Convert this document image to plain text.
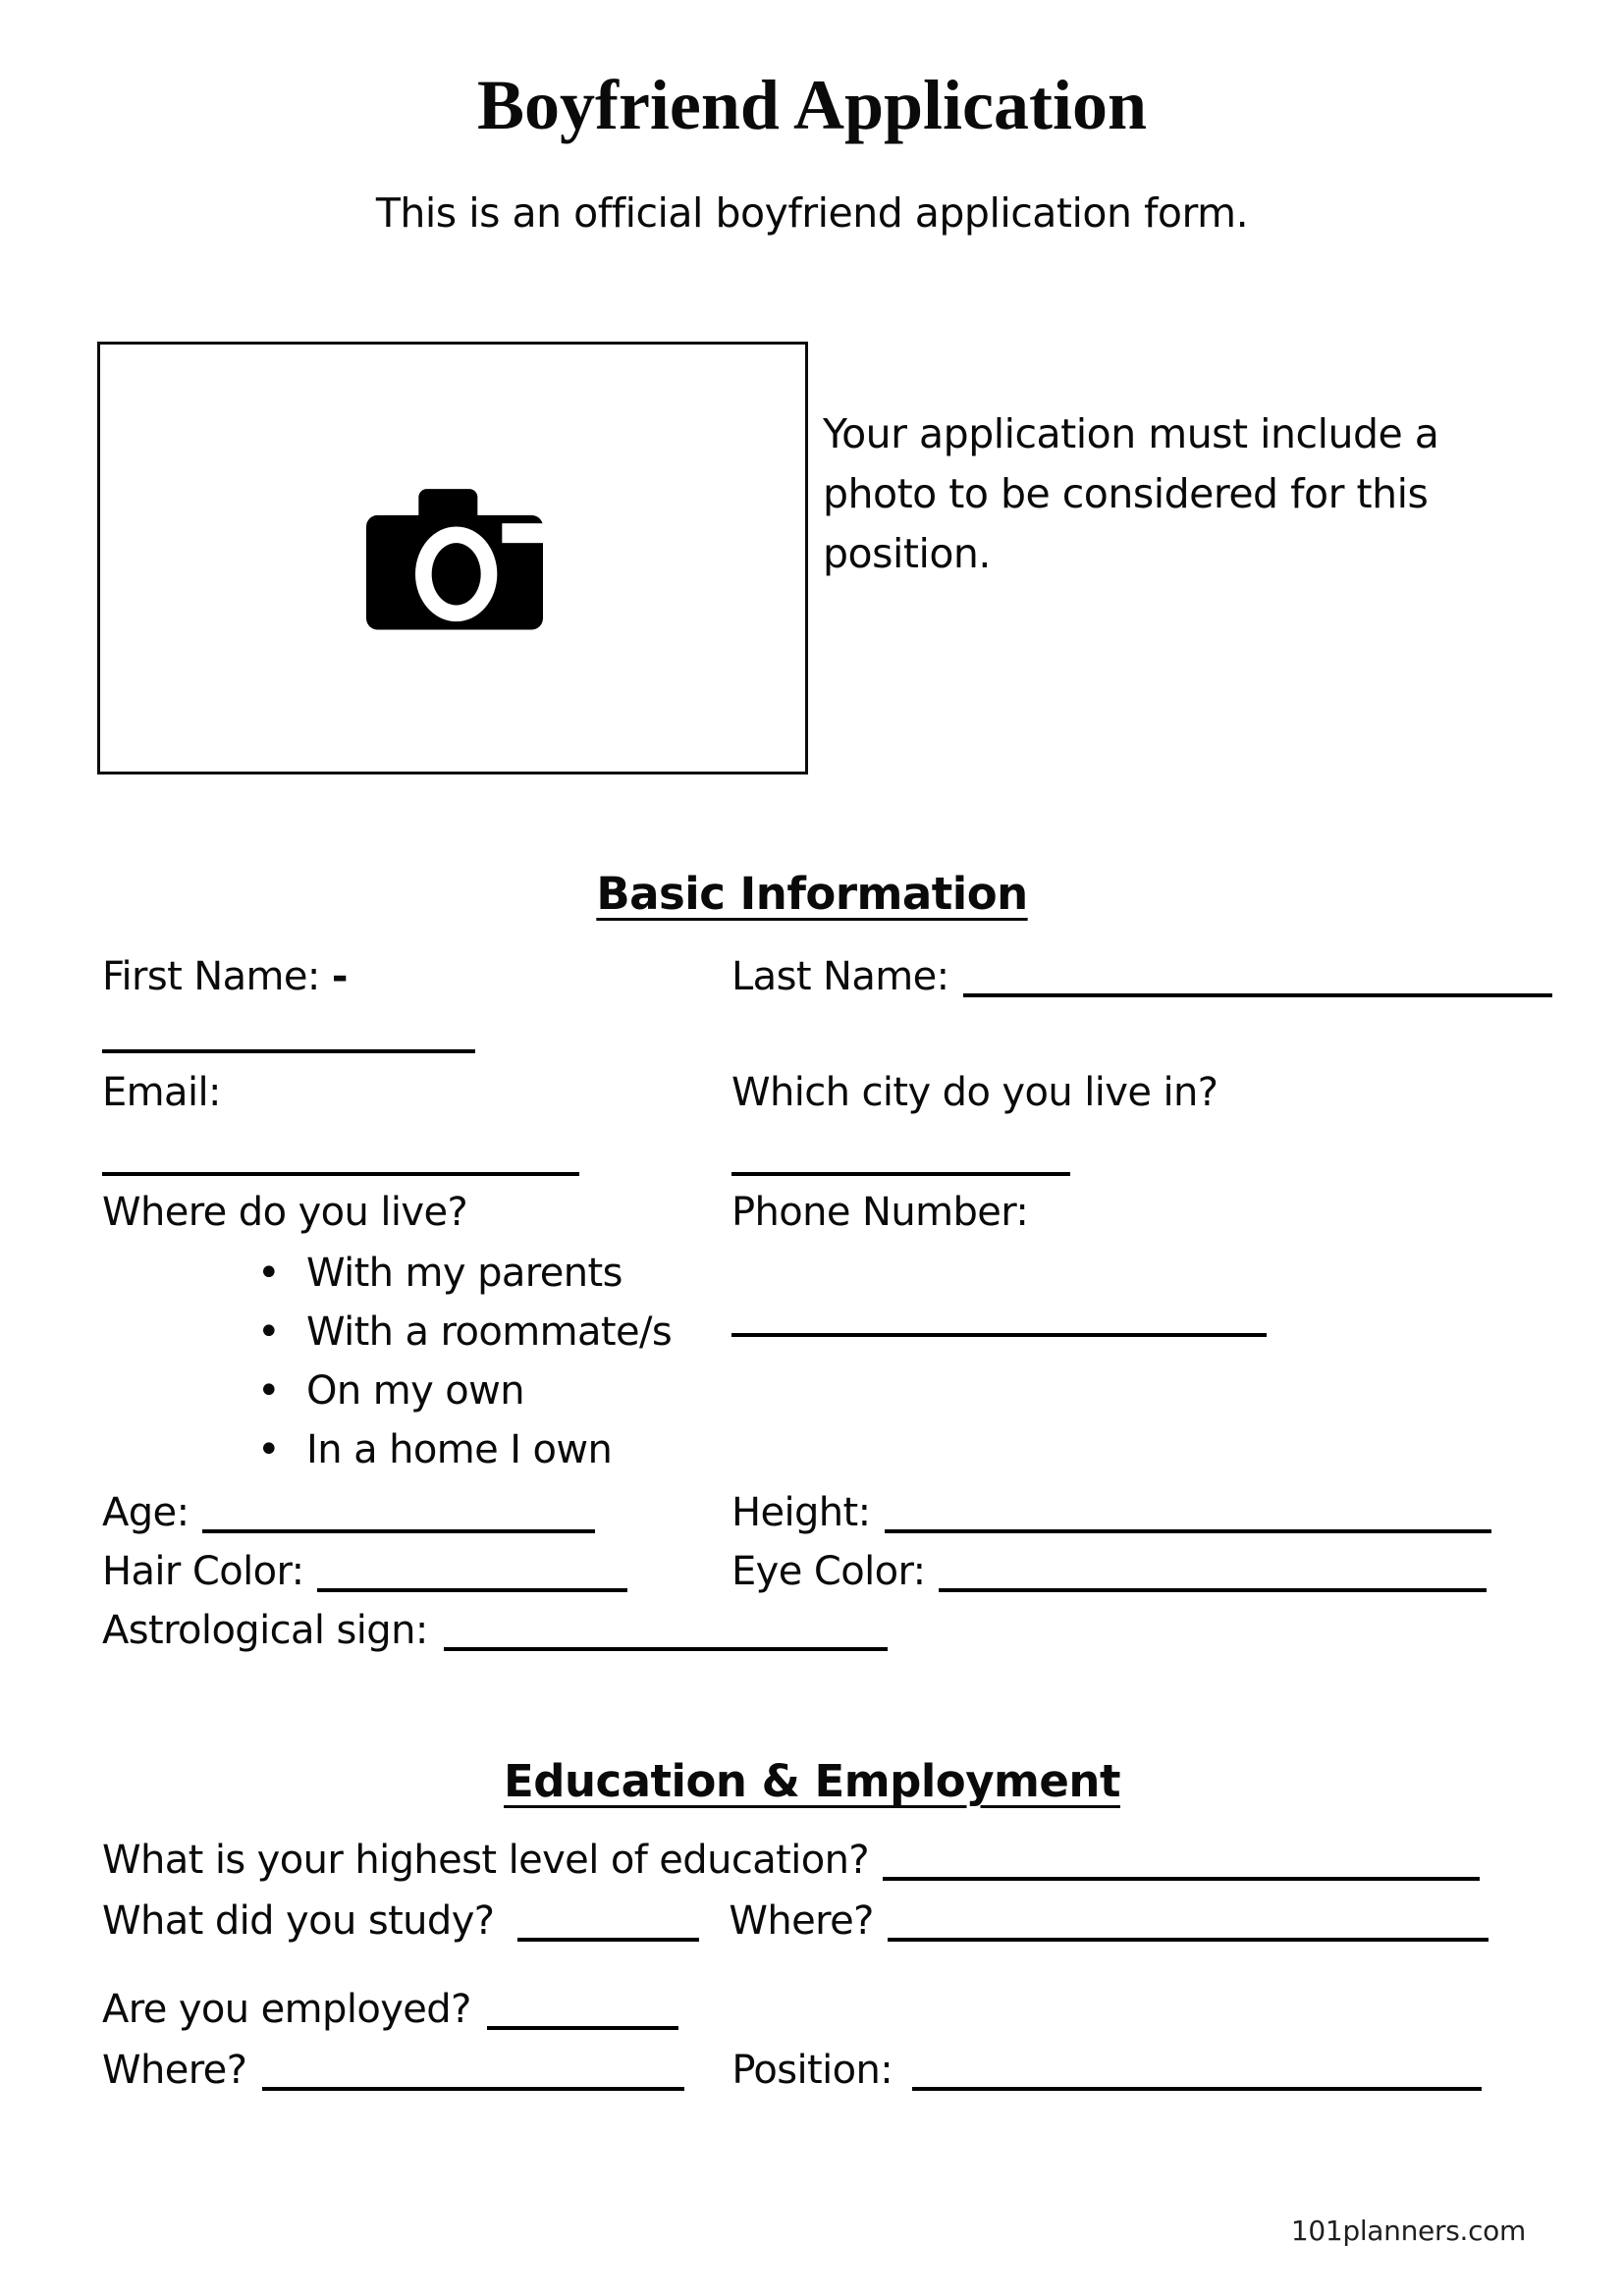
Boyfriend Application
This is an official boyfriend application form.
Your application must include a photo to be considered for this position.
Basic Information
First Name: -	Last Name:
Email:	Which city do you live in?
Where do you live?	Phone Number:
• With my parents
• With a roommate/s
• On my own
• In a home I own
Age:	Height:
Hair Color:	Eye Color:
Astrological sign:
Education & Employment
What is your highest level of education?
What did you study?	Where?
Are you employed?
Where?	Position:
101planners.com
